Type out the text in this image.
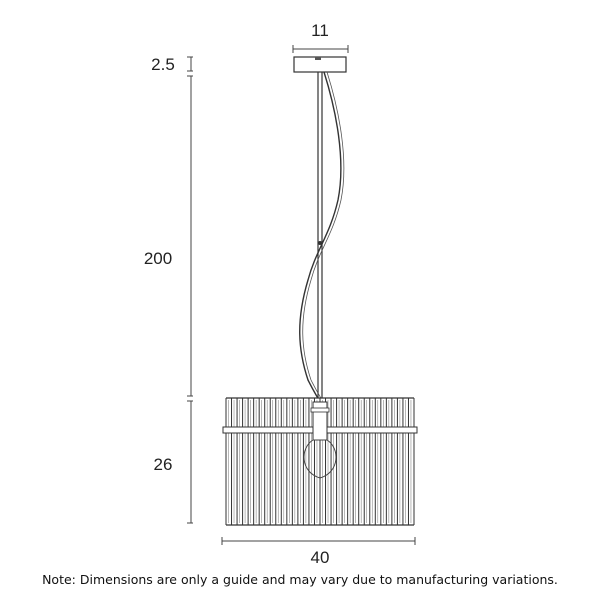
11
2.5
200
26
40
Note: Dimensions are only a guide and may vary due to manufacturing variations.
